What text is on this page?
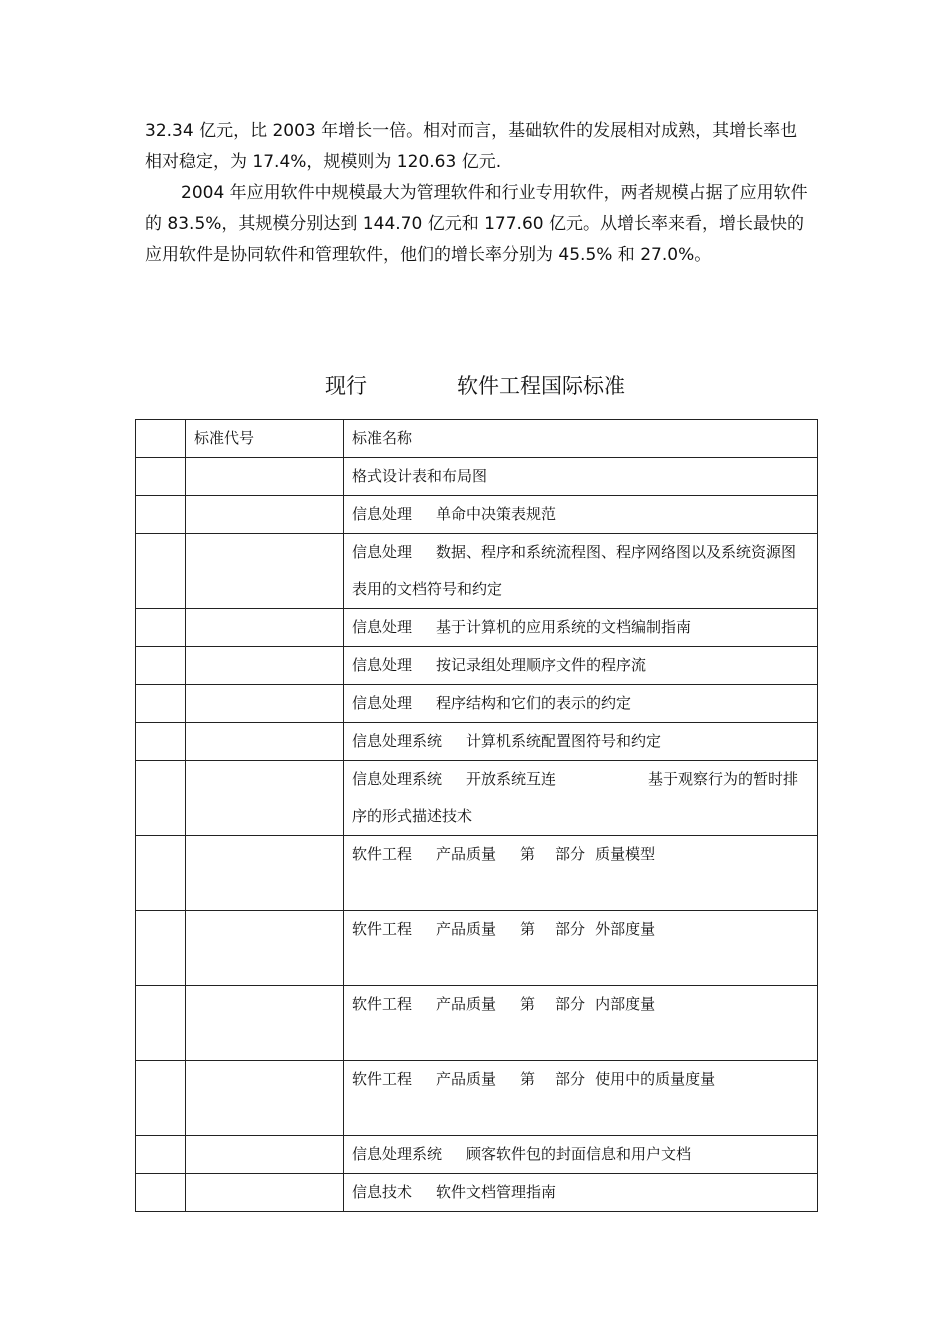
32.34 亿元，比 2003 年增长一倍。相对而言，基础软件的发展相对成熟，其增长率也相对稳定，为 17.4%，规模则为 120.63 亿元.

2004 年应用软件中规模最大为管理软件和行业专用软件，两者规模占据了应用软件的 83.5%，其规模分别达到 144.70 亿元和 177.60 亿元。从增长率来看，增长最快的应用软件是协同软件和管理软件，他们的增长率分别为 45.5% 和 27.0%。

现行	软件工程国际标准
	标准代号	标准名称
		格式设计表和布局图
		信息处理 单命中决策表规范
		信息处理 数据、程序和系统流程图、程序网络图以及系统资源图表用的文档符号和约定
		信息处理 基于计算机的应用系统的文档编制指南
		信息处理 按记录组处理顺序文件的程序流
		信息处理 程序结构和它们的表示的约定
		信息处理系统 计算机系统配置图符号和约定
		信息处理系统 开放系统互连 基于观察行为的暂时排序的形式描述技术
		软件工程 产品质量 第 部分 质量模型
		软件工程 产品质量 第 部分 外部度量
		软件工程 产品质量 第 部分 内部度量
		软件工程 产品质量 第 部分 使用中的质量度量
		信息处理系统 顾客软件包的封面信息和用户文档
		信息技术 软件文档管理指南
